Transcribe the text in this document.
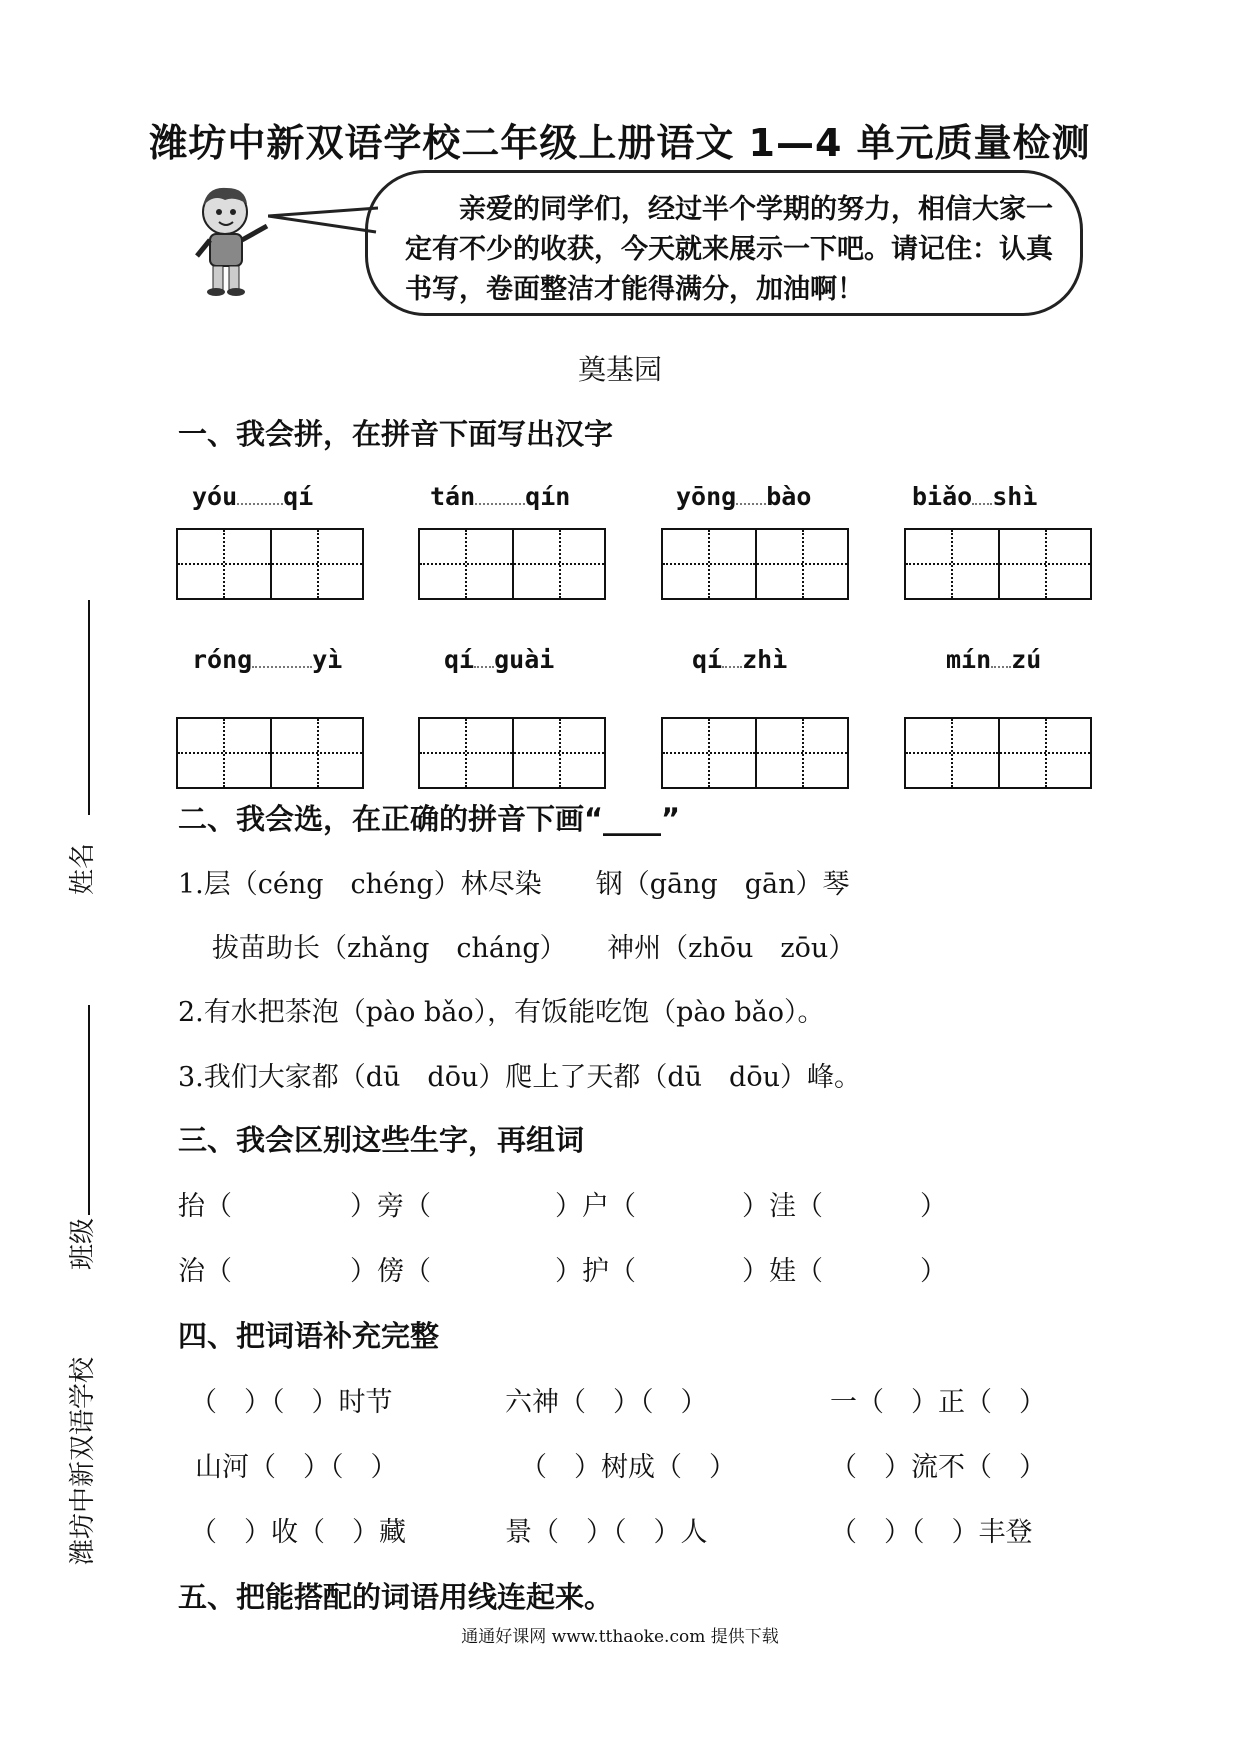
潍坊中新双语学校二年级上册语文 1—4 单元质量检测
亲爱的同学们，经过半个学期的努力，相信大家一定有不少的收获，今天就来展示一下吧。请记住：认真书写，卷面整洁才能得满分，加油啊！
奠基园
一、我会拼，在拼音下面写出汉字
yóu qí	tán qín	yōng bào	biǎo shì
róng yì	qí guài	qí zhì	mín zú
二、我会选，在正确的拼音下画“____”
1.层（céng　chéng）林尽染　　钢（gāng　gān）琴
拔苗助长（zhǎng　cháng）　　神州（zhōu　zōu）
2.有水把茶泡（pào bǎo），有饭能吃饱（pào bǎo）。
3.我们大家都（dū　dōu）爬上了天都（dū　dōu）峰。
三、我会区别这些生字，再组词
抬（	）旁（	）户（	）洼（	）
治（	）傍（	）护（	）娃（	）
四、把词语补充完整
（　）（　）时节	六神（　）（　）	一（　）正（　）
山河（　）（　）	（　）树成（　）	（　）流不（　）
（　）收（　）藏	景（　）（　）人	（　）（　）丰登
五、把能搭配的词语用线连起来。
姓名
班级
潍坊中新双语学校
通通好课网 www.tthaoke.com 提供下载
